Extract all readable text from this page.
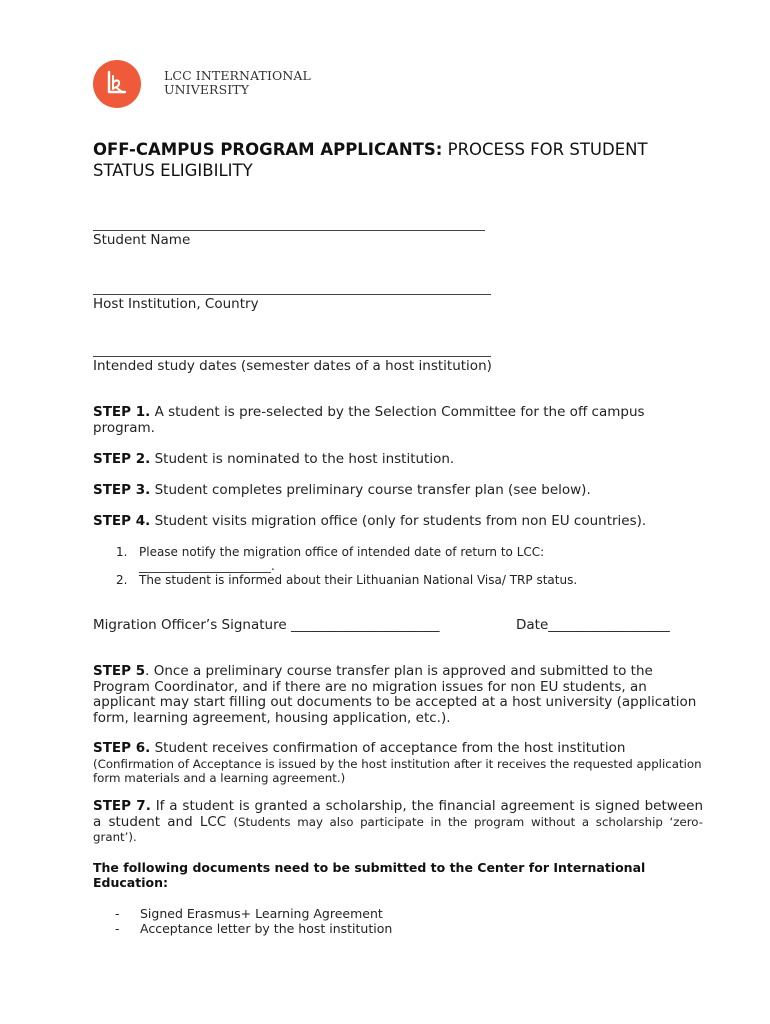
LCC INTERNATIONAL
UNIVERSITY
OFF-CAMPUS PROGRAM APPLICANTS: PROCESS FOR STUDENT STATUS ELIGIBILITY
Student Name
Host Institution, Country
Intended study dates (semester dates of a host institution)
STEP 1. A student is pre-selected by the Selection Committee for the off campus program.
STEP 2. Student is nominated to the host institution.
STEP 3. Student completes preliminary course transfer plan (see below).
STEP 4. Student visits migration office (only for students from non EU countries).
1. Please notify the migration office of intended date of return to LCC:
______________________.
2. The student is informed about their Lithuanian National Visa/ TRP status.
Migration Officer’s Signature ______________________	Date__________________
STEP 5. Once a preliminary course transfer plan is approved and submitted to the Program Coordinator, and if there are no migration issues for non EU students, an applicant may start filling out documents to be accepted at a host university (application form, learning agreement, housing application, etc.).
STEP 6. Student receives confirmation of acceptance from the host institution
(Confirmation of Acceptance is issued by the host institution after it receives the requested application form materials and a learning agreement.)
STEP 7. If a student is granted a scholarship, the financial agreement is signed between a student and LCC (Students may also participate in the program without a scholarship ‘zero-grant’).
The following documents need to be submitted to the Center for International Education:
- Signed Erasmus+ Learning Agreement
- Acceptance letter by the host institution
